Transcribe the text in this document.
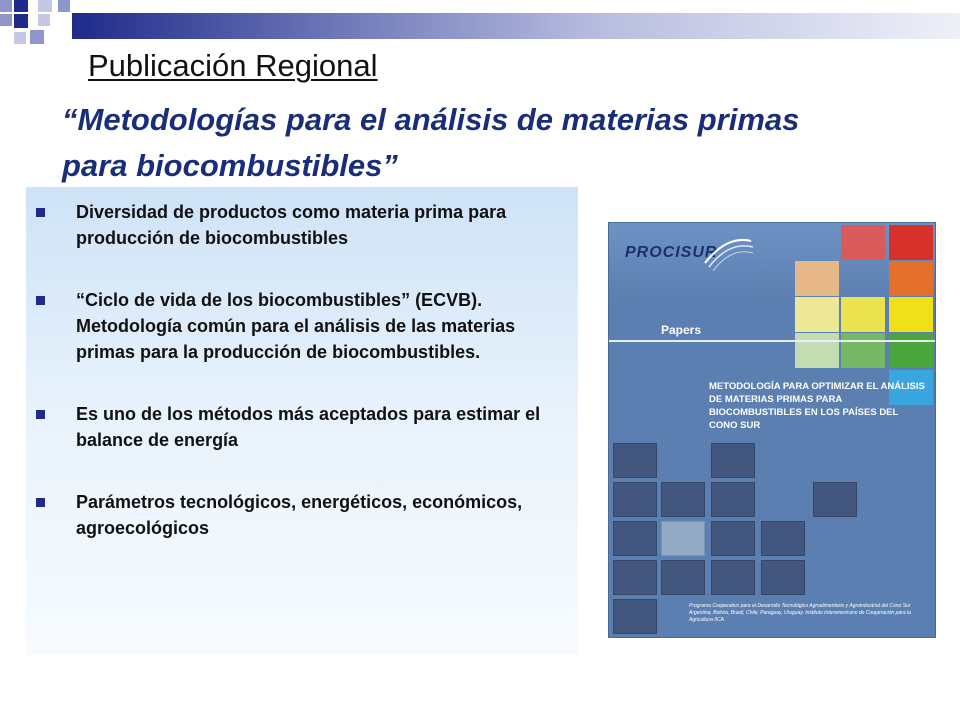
Publicación Regional
“Metodologías para el análisis de materias primas para biocombustibles”
Diversidad de productos como materia prima para producción de biocombustibles
“Ciclo de vida de los biocombustibles” (ECVB). Metodología común para el análisis de las materias primas para la producción de biocombustibles.
Es uno de los métodos más aceptados para estimar el balance de energía
Parámetros tecnológicos, energéticos, económicos, agroecológicos
PROCISUR
Papers
METODOLOGÍA PARA OPTIMIZAR EL ANÁLISIS DE MATERIAS PRIMAS PARA BIOCOMBUSTIBLES EN LOS PAÍSES DEL CONO SUR
Programa Cooperativo para el Desarrollo Tecnológico Agroalimentario y Agroindustrial del Cono Sur Argentina, Bolivia, Brasil, Chile, Paraguay, Uruguay. Instituto Interamericano de Cooperación para la Agricultura IICA
